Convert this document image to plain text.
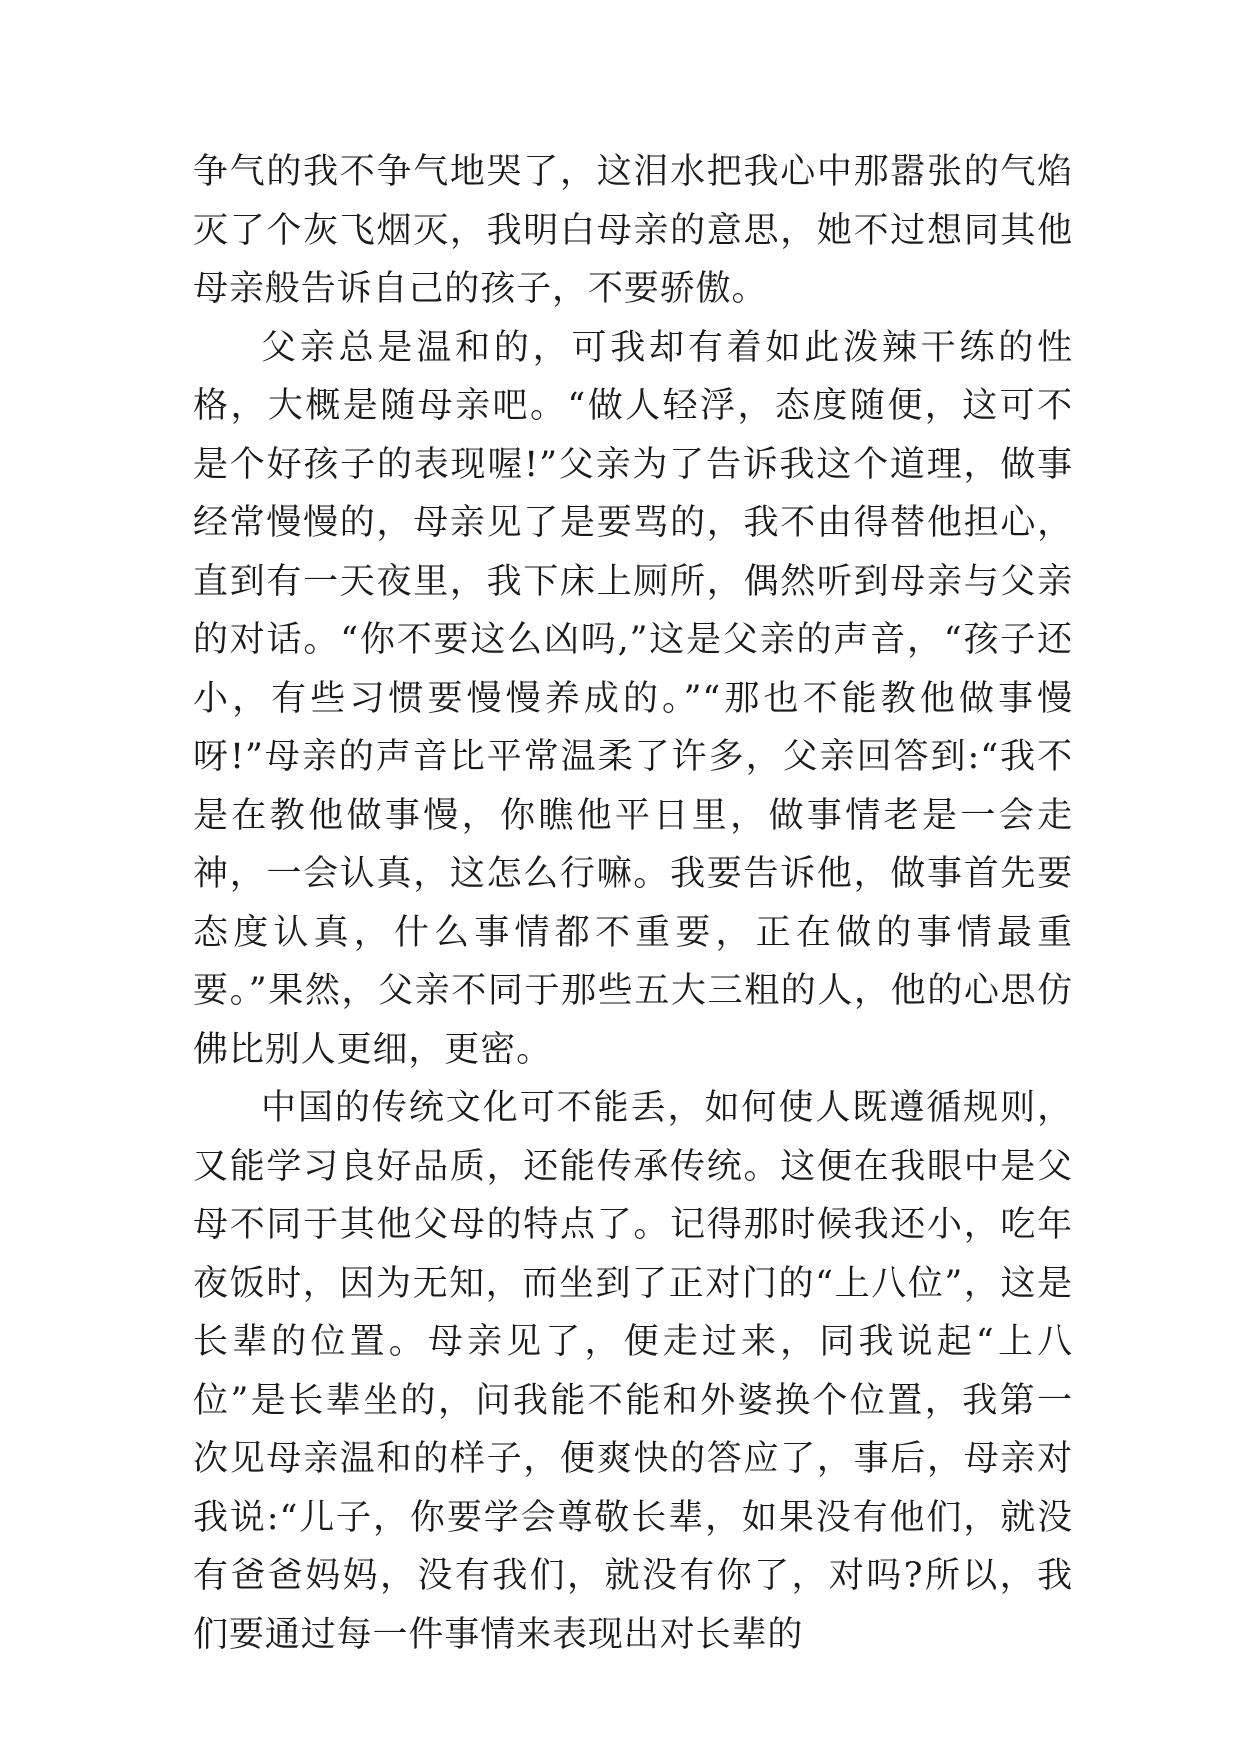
争气的我不争气地哭了，这泪水把我心中那嚣张的气焰灭了个灰飞烟灭，我明白母亲的意思，她不过想同其他母亲般告诉自己的孩子，不要骄傲。

父亲总是温和的，可我却有着如此泼辣干练的性格，大概是随母亲吧。“做人轻浮，态度随便，这可不是个好孩子的表现喔!”父亲为了告诉我这个道理，做事经常慢慢的，母亲见了是要骂的，我不由得替他担心，直到有一天夜里，我下床上厕所，偶然听到母亲与父亲的对话。“你不要这么凶吗,”这是父亲的声音，“孩子还小，有些习惯要慢慢养成的。”“那也不能教他做事慢呀!”母亲的声音比平常温柔了许多，父亲回答到:“我不是在教他做事慢，你瞧他平日里，做事情老是一会走神，一会认真，这怎么行嘛。我要告诉他，做事首先要态度认真，什么事情都不重要，正在做的事情最重要。”果然，父亲不同于那些五大三粗的人，他的心思仿佛比别人更细，更密。

中国的传统文化可不能丢，如何使人既遵循规则，又能学习良好品质，还能传承传统。这便在我眼中是父母不同于其他父母的特点了。记得那时候我还小，吃年夜饭时，因为无知，而坐到了正对门的“上八位”，这是长辈的位置。母亲见了，便走过来，同我说起“上八位”是长辈坐的，问我能不能和外婆换个位置，我第一次见母亲温和的样子，便爽快的答应了，事后，母亲对我说:“儿子，你要学会尊敬长辈，如果没有他们，就没有爸爸妈妈，没有我们，就没有你了，对吗?所以，我们要通过每一件事情来表现出对长辈的
